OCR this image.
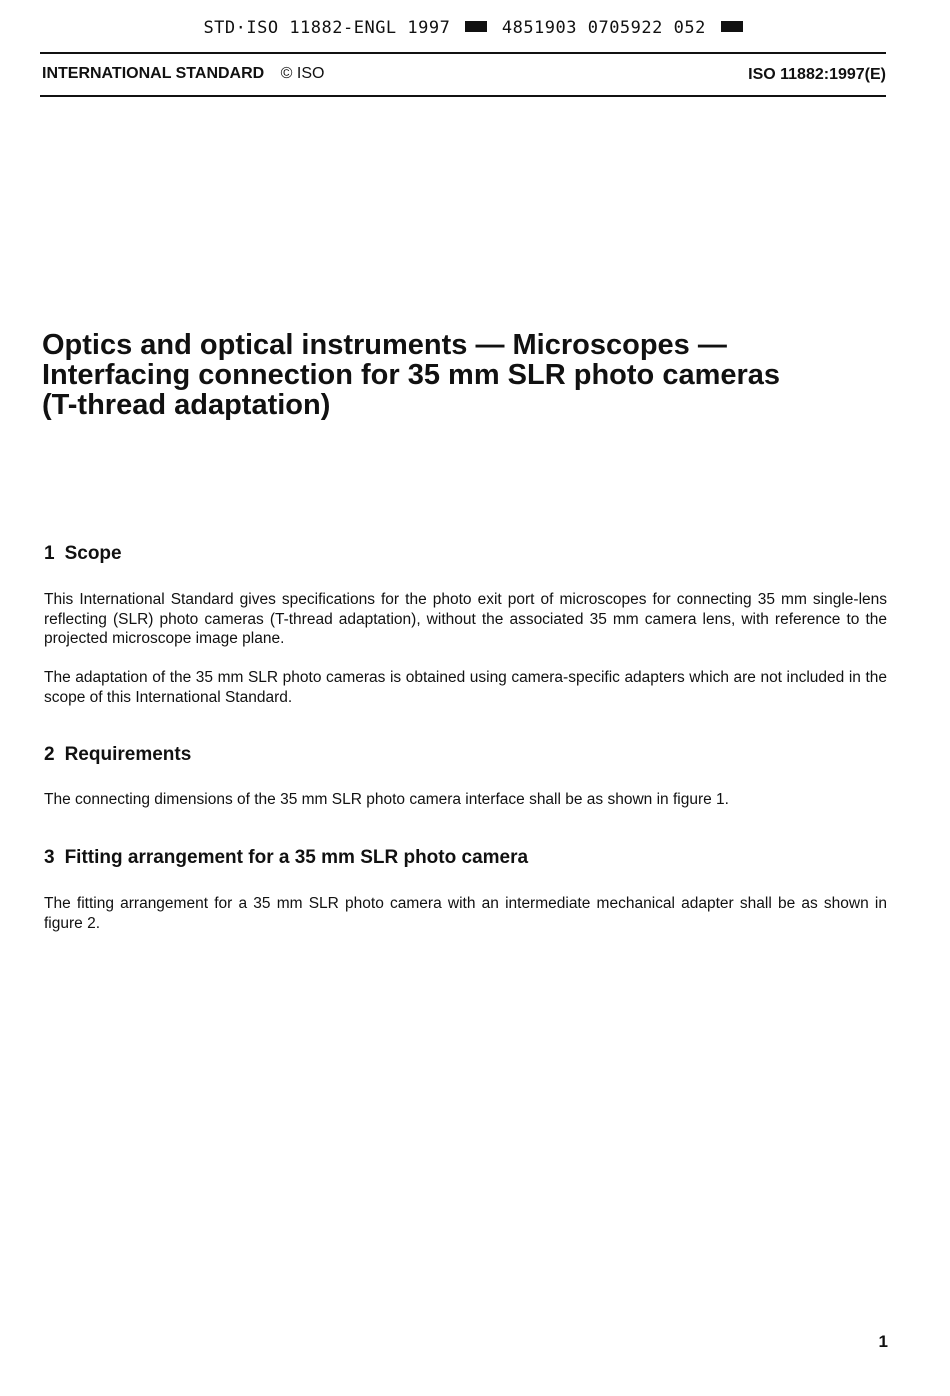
STD·ISO 11882-ENGL 1997	4851903 0705922 052
INTERNATIONAL STANDARD © ISO	ISO 11882:1997(E)
Optics and optical instruments — Microscopes —
Interfacing connection for 35 mm SLR photo cameras
(T-thread adaptation)
1 Scope

This International Standard gives specifications for the photo exit port of microscopes for connecting 35 mm single-lens reflecting (SLR) photo cameras (T-thread adaptation), without the associated 35 mm camera lens, with reference to the projected microscope image plane.

The adaptation of the 35 mm SLR photo cameras is obtained using camera-specific adapters which are not included in the scope of this International Standard.

2 Requirements

The connecting dimensions of the 35 mm SLR photo camera interface shall be as shown in figure 1.

3 Fitting arrangement for a 35 mm SLR photo camera

The fitting arrangement for a 35 mm SLR photo camera with an intermediate mechanical adapter shall be as shown in figure 2.

1
